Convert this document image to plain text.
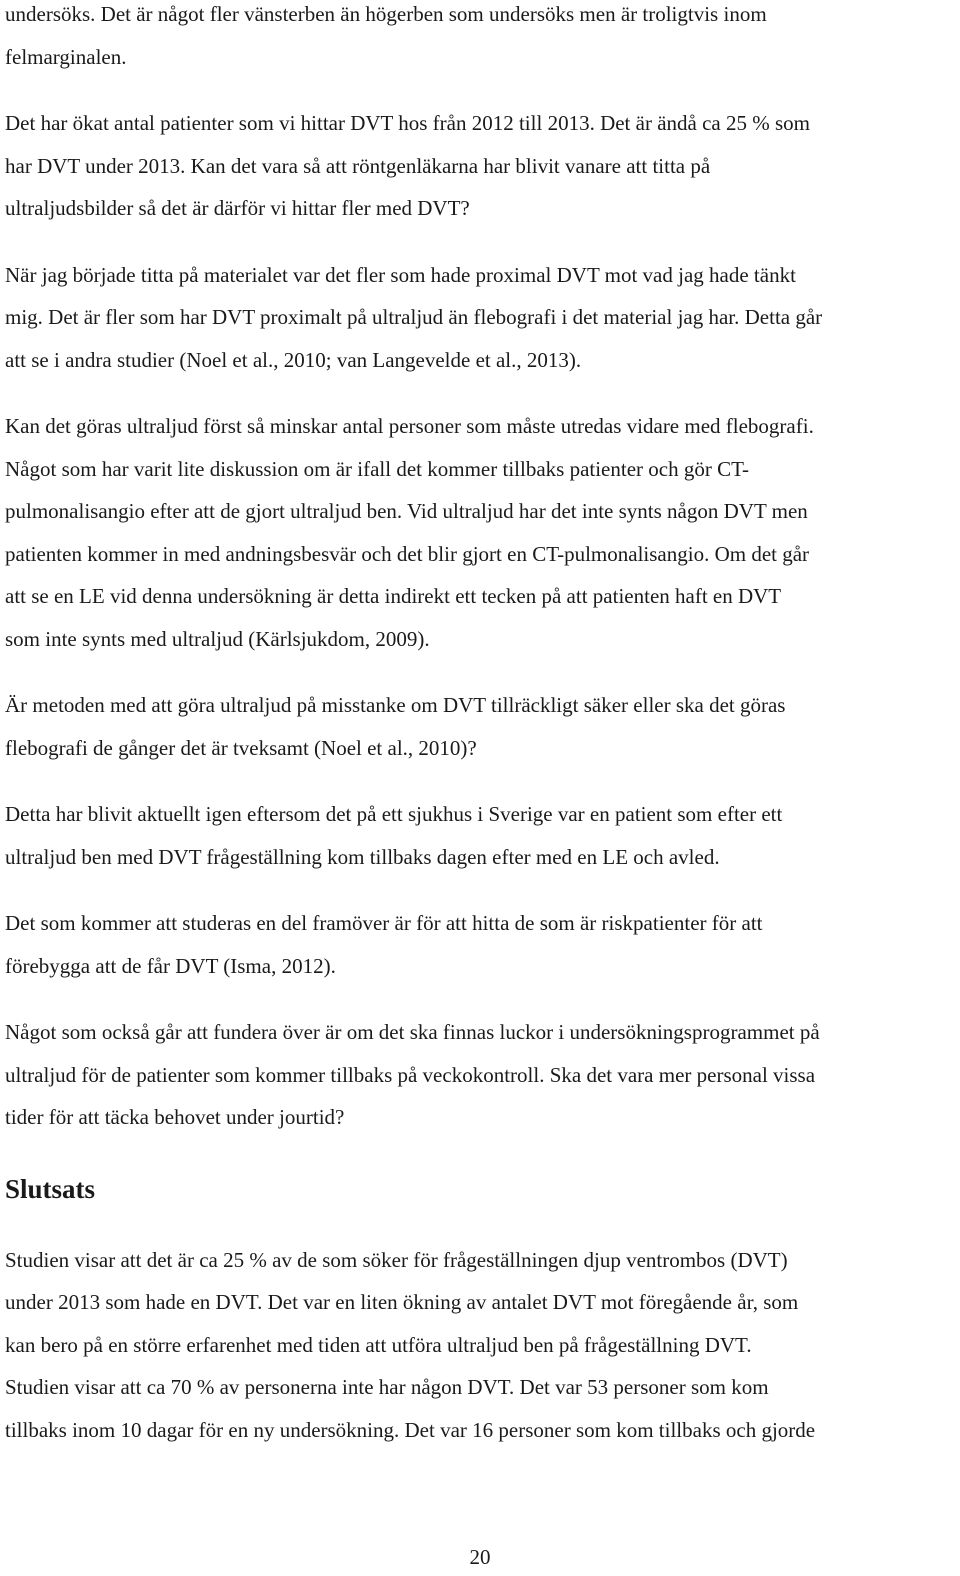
undersöks. Det är något fler vänsterben än högerben som undersöks men är troligtvis inom
felmarginalen.

Det har ökat antal patienter som vi hittar DVT hos från 2012 till 2013. Det är ändå ca 25 % som
har DVT under 2013. Kan det vara så att röntgenläkarna har blivit vanare att titta på
ultraljudsbilder så det är därför vi hittar fler med DVT?

När jag började titta på materialet var det fler som hade proximal DVT mot vad jag hade tänkt
mig. Det är fler som har DVT proximalt på ultraljud än flebografi i det material jag har. Detta går
att se i andra studier (Noel et al., 2010; van Langevelde et al., 2013).

Kan det göras ultraljud först så minskar antal personer som måste utredas vidare med flebografi.
Något som har varit lite diskussion om är ifall det kommer tillbaks patienter och gör CT-
pulmonalisangio efter att de gjort ultraljud ben. Vid ultraljud har det inte synts någon DVT men
patienten kommer in med andningsbesvär och det blir gjort en CT-pulmonalisangio. Om det går
att se en LE vid denna undersökning är detta indirekt ett tecken på att patienten haft en DVT
som inte synts med ultraljud (Kärlsjukdom, 2009).

Är metoden med att göra ultraljud på misstanke om DVT tillräckligt säker eller ska det göras
flebografi de gånger det är tveksamt (Noel et al., 2010)?

Detta har blivit aktuellt igen eftersom det på ett sjukhus i Sverige var en patient som efter ett
ultraljud ben med DVT frågeställning kom tillbaks dagen efter med en LE och avled.

Det som kommer att studeras en del framöver är för att hitta de som är riskpatienter för att
förebygga att de får DVT (Isma, 2012).

Något som också går att fundera över är om det ska finnas luckor i undersökningsprogrammet på
ultraljud för de patienter som kommer tillbaks på veckokontroll. Ska det vara mer personal vissa
tider för att täcka behovet under jourtid?

Slutsats

Studien visar att det är ca 25 % av de som söker för frågeställningen djup ventrombos (DVT)
under 2013 som hade en DVT. Det var en liten ökning av antalet DVT mot föregående år, som
kan bero på en större erfarenhet med tiden att utföra ultraljud ben på frågeställning DVT.
Studien visar att ca 70 % av personerna inte har någon DVT. Det var 53 personer som kom
tillbaks inom 10 dagar för en ny undersökning. Det var 16 personer som kom tillbaks och gjorde

20
